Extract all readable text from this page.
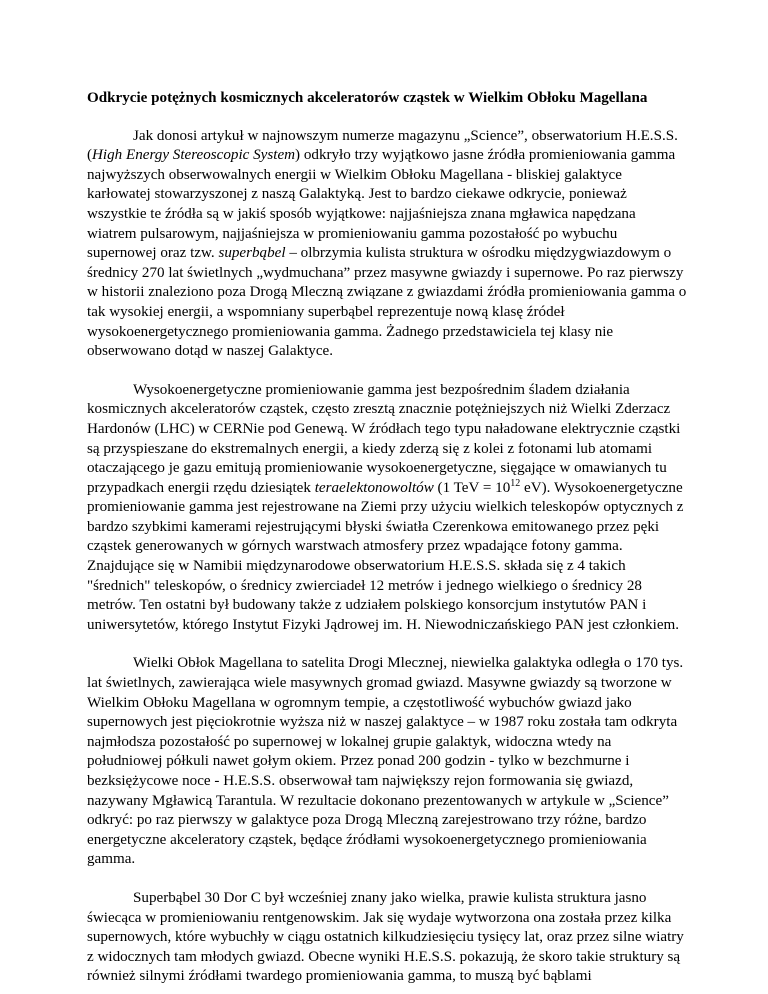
Odkrycie potężnych kosmicznych akceleratorów cząstek w Wielkim Obłoku Magellana

Jak donosi artykuł w najnowszym numerze magazynu „Science”, obserwatorium H.E.S.S. (High Energy Stereoscopic System) odkryło trzy wyjątkowo jasne źródła promieniowania gamma najwyższych obserwowalnych energii w Wielkim Obłoku Magellana - bliskiej galaktyce karłowatej stowarzyszonej z naszą Galaktyką. Jest to bardzo ciekawe odkrycie, ponieważ wszystkie te źródła są w jakiś sposób wyjątkowe: najjaśniejsza znana mgławica napędzana wiatrem pulsarowym, najjaśniejsza w promieniowaniu gamma pozostałość po wybuchu supernowej oraz tzw. superbąbel – olbrzymia kulista struktura w ośrodku międzygwiazdowym o średnicy 270 lat świetlnych „wydmuchana” przez masywne gwiazdy i supernowe. Po raz pierwszy w historii znaleziono poza Drogą Mleczną związane z gwiazdami źródła promieniowania gamma o tak wysokiej energii, a wspomniany superbąbel reprezentuje nową klasę źródeł wysokoenergetycznego promieniowania gamma. Żadnego przedstawiciela tej klasy nie obserwowano dotąd w naszej Galaktyce.

Wysokoenergetyczne promieniowanie gamma jest bezpośrednim śladem działania kosmicznych akceleratorów cząstek, często zresztą znacznie potężniejszych niż Wielki Zderzacz Hardonów (LHC) w CERNie pod Genewą. W źródłach tego typu naładowane elektrycznie cząstki są przyspieszane do ekstremalnych energii, a kiedy zderzą się z kolei z fotonami lub atomami otaczającego je gazu emitują promieniowanie wysokoenergetyczne, sięgające w omawianych tu przypadkach energii rzędu dziesiątek teraelektonowoltów (1 TeV = $10^{12}$ eV). Wysokoenergetyczne promieniowanie gamma jest rejestrowane na Ziemi przy użyciu wielkich teleskopów optycznych z bardzo szybkimi kamerami rejestrującymi błyski światła Czerenkowa emitowanego przez pęki cząstek generowanych w górnych warstwach atmosfery przez wpadające fotony gamma. Znajdujące się w Namibii międzynarodowe obserwatorium H.E.S.S. składa się z 4 takich "średnich" teleskopów, o średnicy zwierciadeł 12 metrów i jednego wielkiego o średnicy 28 metrów. Ten ostatni był budowany także z udziałem polskiego konsorcjum instytutów PAN i uniwersytetów, którego Instytut Fizyki Jądrowej im. H. Niewodniczańskiego PAN jest członkiem.

Wielki Obłok Magellana to satelita Drogi Mlecznej, niewielka galaktyka odległa o 170 tys. lat świetlnych, zawierająca wiele masywnych gromad gwiazd. Masywne gwiazdy są tworzone w Wielkim Obłoku Magellana w ogromnym tempie, a częstotliwość wybuchów gwiazd jako supernowych jest pięciokrotnie wyższa niż w naszej galaktyce – w 1987 roku została tam odkryta najmłodsza pozostałość po supernowej w lokalnej grupie galaktyk, widoczna wtedy na południowej półkuli nawet gołym okiem. Przez ponad 200 godzin - tylko w bezchmurne i bezksiężycowe noce - H.E.S.S. obserwował tam największy rejon formowania się gwiazd, nazywany Mgławicą Tarantula. W rezultacie dokonano prezentowanych w artykule w „Science” odkryć: po raz pierwszy w galaktyce poza Drogą Mleczną zarejestrowano trzy różne, bardzo energetyczne akceleratory cząstek, będące źródłami wysokoenergetycznego promieniowania gamma.

Superbąbel 30 Dor C był wcześniej znany jako wielka, prawie kulista struktura jasno świecąca w promieniowaniu rentgenowskim. Jak się wydaje wytworzona ona została przez kilka supernowych, które wybuchły w ciągu ostatnich kilkudziesięciu tysięcy lat, oraz przez silne wiatry z widocznych tam młodych gwiazd. Obecne wyniki H.E.S.S. pokazują, że skoro takie struktury są również silnymi źródłami twardego promieniowania gamma, to muszą być bąblami
